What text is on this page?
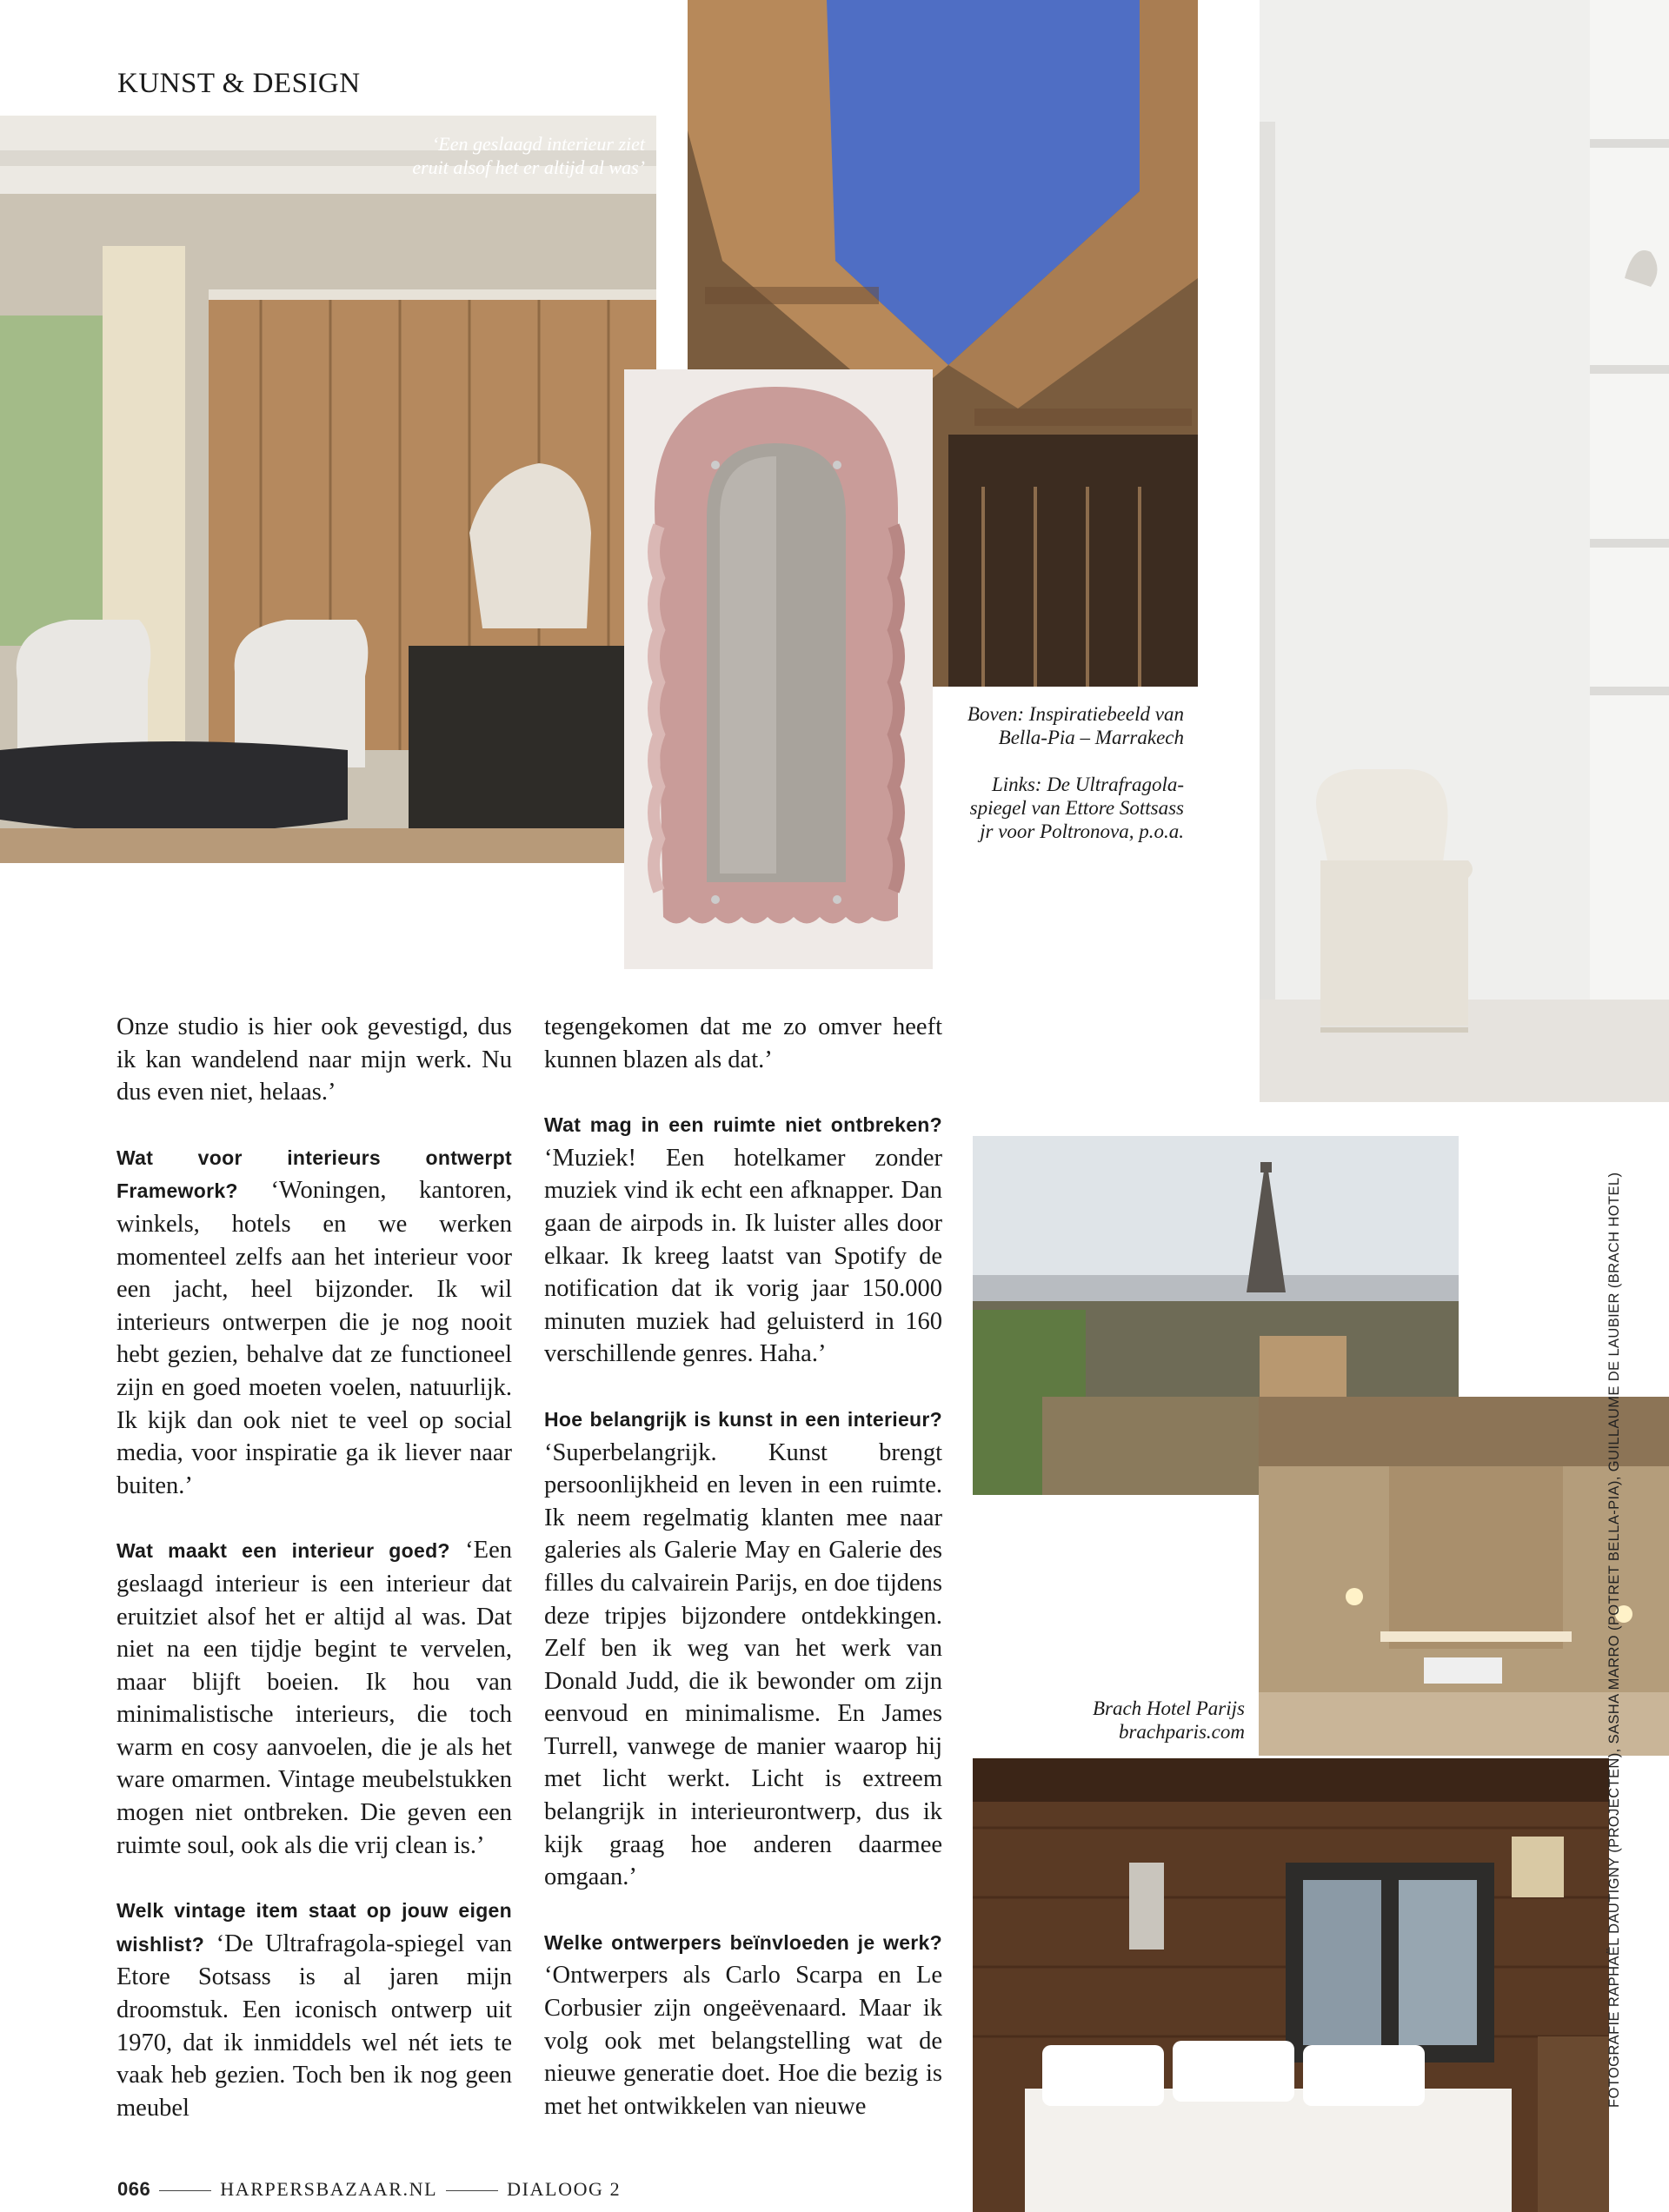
KUNST & DESIGN
‘Een geslaagd interieur ziet
eruit alsof het er altijd al was’
Boven: Inspiratiebeeld van
Bella-Pia – Marrakech
Links: De Ultrafragola-
spiegel van Ettore Sottsass
jr voor Poltronova, p.o.a.
Brach Hotel Parijs
brachparis.com

Onze studio is hier ook gevestigd, dus ik kan wandelend naar mijn werk. Nu dus even niet, helaas.’

Wat voor interieurs ontwerpt Framework? ‘Woningen, kantoren, winkels, hotels en we werken momenteel zelfs aan het interieur voor een jacht, heel bijzonder. Ik wil interieurs ontwerpen die je nog nooit hebt gezien, behalve dat ze functioneel zijn en goed moeten voelen, natuurlijk. Ik kijk dan ook niet te veel op social media, voor inspiratie ga ik liever naar buiten.’

Wat maakt een interieur goed? ‘Een geslaagd interieur is een interieur dat eruitziet alsof het er altijd al was. Dat niet na een tijdje begint te vervelen, maar blijft boeien. Ik hou van minimalistische interieurs, die toch warm en cosy aanvoelen, die je als het ware omarmen. Vintage meubelstukken mogen niet ontbreken. Die geven een ruimte soul, ook als die vrij clean is.’

Welk vintage item staat op jouw eigen wishlist? ‘De Ultrafragola-spiegel van Etore Sotsass is al jaren mijn droomstuk. Een iconisch ontwerp uit 1970, dat ik inmiddels wel nét iets te vaak heb gezien. Toch ben ik nog geen meubel

tegengekomen dat me zo omver heeft kunnen blazen als dat.’

Wat mag in een ruimte niet ontbreken? ‘Muziek! Een hotelkamer zonder muziek vind ik echt een afknapper. Dan gaan de airpods in. Ik luister alles door elkaar. Ik kreeg laatst van Spotify de notification dat ik vorig jaar 150.000 minuten muziek had geluisterd in 160 verschillende genres. Haha.’

Hoe belangrijk is kunst in een interieur? ‘Superbelangrijk. Kunst brengt persoonlijkheid en leven in een ruimte. Ik neem regelmatig klanten mee naar galeries als Galerie May en Galerie des filles du calvairein Parijs, en doe tijdens deze tripjes bijzondere ontdekkingen. Zelf ben ik weg van het werk van Donald Judd, die ik bewonder om zijn eenvoud en minimalisme. En James Turrell, vanwege de manier waarop hij met licht werkt. Licht is extreem belangrijk in interieurontwerp, dus ik kijk graag hoe anderen daarmee omgaan.’

Welke ontwerpers beïnvloeden je werk? ‘Ontwerpers als Carlo Scarpa en Le Corbusier zijn ongeëvenaard. Maar ik volg ook met belangstelling wat de nieuwe generatie doet. Hoe die bezig is met het ontwikkelen van nieuwe

066	HARPERSBAZAAR.NL	DIALOOG 2
FOTOGRAFIE RAPHAËL DAUTIGNY (PROJECTEN), SASHA MARRO (POTRET BELLA-PIA), GUILLAUME DE LAUBIER (BRACH HOTEL)
